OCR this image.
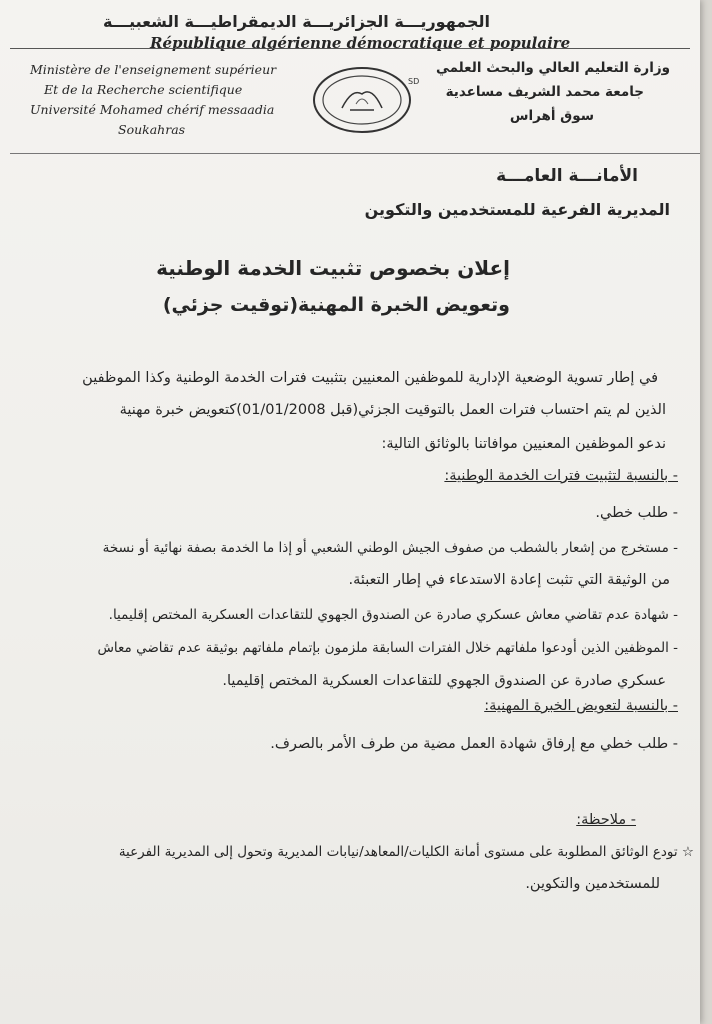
الجمهوريـــة الجزائريـــة الديمقراطيـــة الشعبيـــة
République algérienne démocratique et populaire
Ministère de l'enseignement supérieur
Et de la Recherche scientifique
Université Mohamed chérif messaadia
Soukahras
وزارة التعليم العالي والبحث العلمي
جامعة محمد الشريف مساعدية
سوق أهراس
SD
الأمانـــة العامـــة
المديرية الفرعية للمستخدمين والتكوين
إعلان بخصوص تثبيت الخدمة الوطنية
وتعويض الخبرة المهنية(توقيت جزئي)
في إطار تسوية الوضعية الإدارية للموظفين المعنيين بتثبيت فترات الخدمة الوطنية وكذا الموظفين
الذين لم يتم احتساب فترات العمل بالتوقيت الجزئي(قبل 01/01/2008)كتعويض خبرة مهنية
ندعو الموظفين المعنيين موافاتنا بالوثائق التالية:
- بالنسبة لتثبيت فترات الخدمة الوطنية:
- طلب خطي.
- مستخرج من إشعار بالشطب من صفوف الجيش الوطني الشعبي أو إذا ما الخدمة بصفة نهائية أو نسخة
من الوثيقة التي تثبت إعادة الاستدعاء في إطار التعبئة.
- شهادة عدم تقاضي معاش عسكري صادرة عن الصندوق الجهوي للتقاعدات العسكرية المختص إقليميا.
- الموظفين الذين أودعوا ملفاتهم خلال الفترات السابقة ملزمون بإتمام ملفاتهم بوثيقة عدم تقاضي معاش
عسكري صادرة عن الصندوق الجهوي للتقاعدات العسكرية المختص إقليميا.
- بالنسبة لتعويض الخبرة المهنية:
- طلب خطي مع إرفاق شهادة العمل مضية من طرف الأمر بالصرف.
- ملاحظة:
☆ تودع الوثائق المطلوبة على مستوى أمانة الكليات/المعاهد/نيابات المديرية وتحول إلى المديرية الفرعية
للمستخدمين والتكوين.
